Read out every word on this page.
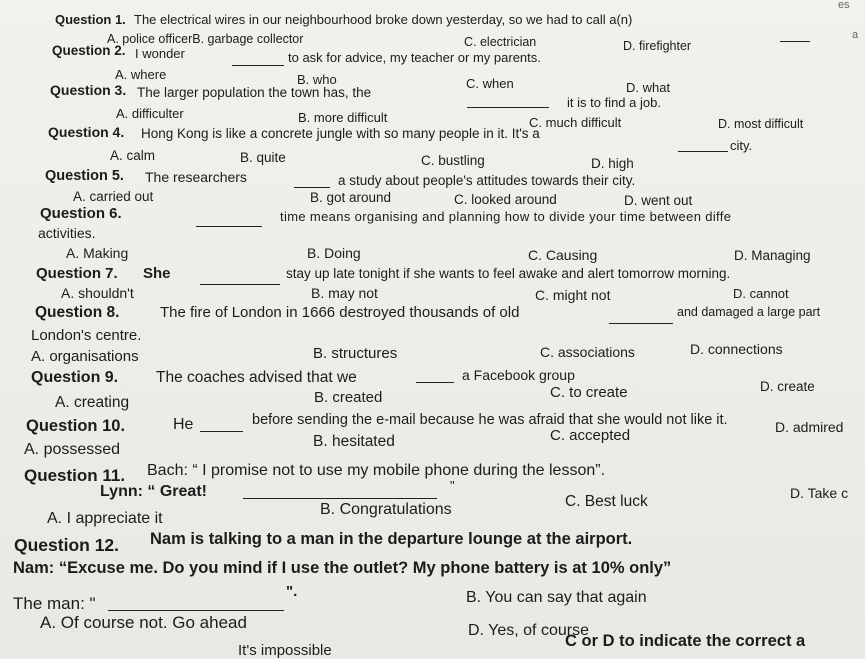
es
a
Question 1. The electrical wires in our neighbourhood broke down yesterday, so we had to call a(n)
A. police officerB. garbage collector	C. electrician	D. firefighter
Question 2. I wonder	to ask for advice, my teacher or my parents.
A. where	B. who	C. when	D. what
Question 3. The larger population the town has, the
it is to find a job.
A. difficulter	B. more difficult	C. much difficult	D. most difficult
Question 4. Hong Kong is like a concrete jungle with so many people in it. It's a
city.
A. calm	B. quite	C. bustling	D. high
Question 5. The researchers	a study about people's attitudes towards their city.
A. carried out	B. got around	C. looked around	D. went out
Question 6.	time means organising and planning how to divide your time between diffe
activities.
A. Making	B. Doing	C. Causing	D. Managing
Question 7. She	stay up late tonight if she wants to feel awake and alert tomorrow morning.
A. shouldn't	B. may not	C. might not	D. cannot
Question 8.	The fire of London in 1666 destroyed thousands of old	and damaged a large part
London's centre.
A. organisations	B. structures	C. associations	D. connections
Question 9. The coaches advised that we	a Facebook group
A. creating	B. created	C. to create	D. create
Question 10.	He	before sending the e-mail because he was afraid that she would not like it.
A. possessed	B. hesitated	C. accepted	D. admired
Question 11. Bach: “ I promise not to use my mobile phone during the lesson”.
Lynn: “ Great!	"
A. I appreciate it
B. Congratulations	C. Best luck	D. Take c
Question 12. Nam is talking to a man in the departure lounge at the airport.
Nam: “Excuse me. Do you mind if I use the outlet? My phone battery is at 10% only”
The man: "
".
A. Of course not. Go ahead
B. You can say that again
It's impossible
D. Yes, of course
C or D to indicate the correct a
